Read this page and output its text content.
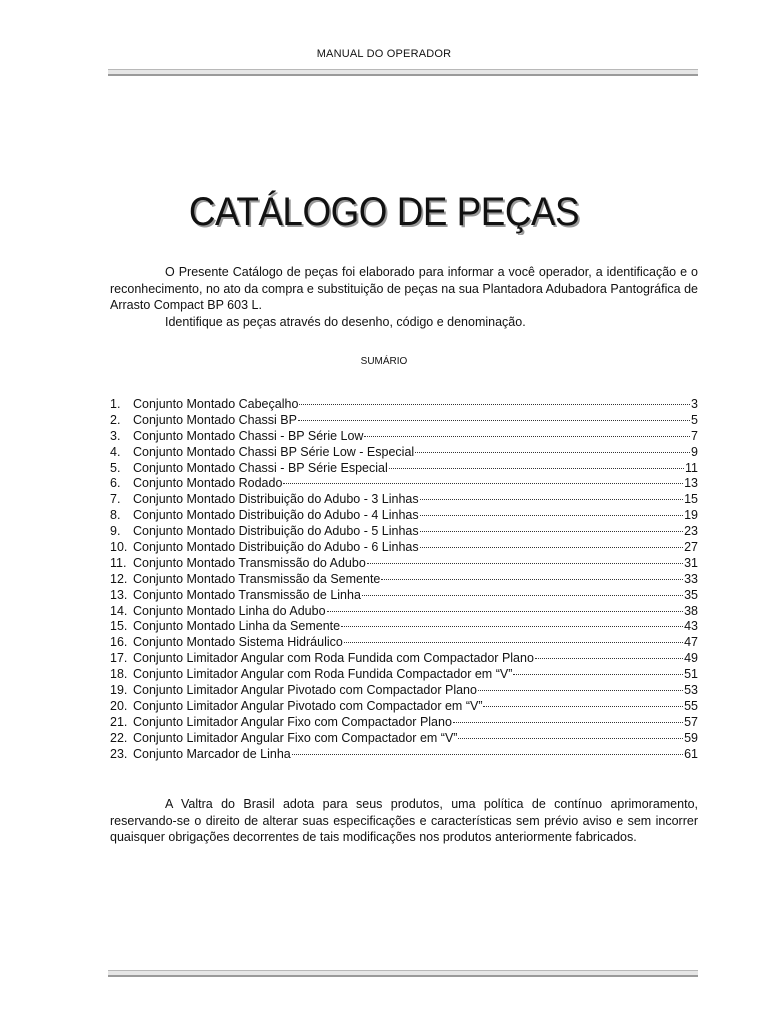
MANUAL DO OPERADOR
CATÁLOGO DE PEÇAS

O Presente Catálogo de peças foi elaborado para informar a você operador, a identificação e o reconhecimento, no ato da compra e substituição de peças na sua Plantadora Adubadora Pantográfica de Arrasto Compact BP 603 L.

Identifique as peças através do desenho, código e denominação.

SUMÁRIO
1.	Conjunto Montado Cabeçalho	3
2.	Conjunto Montado Chassi BP	5
3.	Conjunto Montado Chassi - BP Série Low	7
4.	Conjunto Montado Chassi BP Série Low - Especial	9
5.	Conjunto Montado Chassi - BP Série Especial	11
6.	Conjunto Montado Rodado	13
7.	Conjunto Montado Distribuição do Adubo - 3 Linhas	15
8.	Conjunto Montado Distribuição do Adubo - 4 Linhas	19
9.	Conjunto Montado Distribuição do Adubo - 5 Linhas	23
10. Conjunto Montado Distribuição do Adubo - 6 Linhas	27
11. Conjunto Montado Transmissão do Adubo	31
12. Conjunto Montado Transmissão da Semente	33
13. Conjunto Montado Transmissão de Linha	35
14. Conjunto Montado Linha do Adubo	38
15. Conjunto Montado Linha da Semente	43
16. Conjunto Montado Sistema Hidráulico	47
17. Conjunto Limitador Angular com Roda Fundida com Compactador Plano	49
18. Conjunto Limitador Angular com Roda Fundida Compactador em “V”	51
19. Conjunto Limitador Angular Pivotado com Compactador Plano	53
20. Conjunto Limitador Angular Pivotado com Compactador em “V”	55
21. Conjunto Limitador Angular Fixo com Compactador Plano	57
22. Conjunto Limitador Angular Fixo com Compactador em “V”	59
23. Conjunto Marcador de Linha	61

A Valtra do Brasil adota para seus produtos, uma política de contínuo aprimoramento, reservando-se o direito de alterar suas especificações e características sem prévio aviso e sem incorrer quaisquer obrigações decorrentes de tais modificações nos produtos anteriormente fabricados.
